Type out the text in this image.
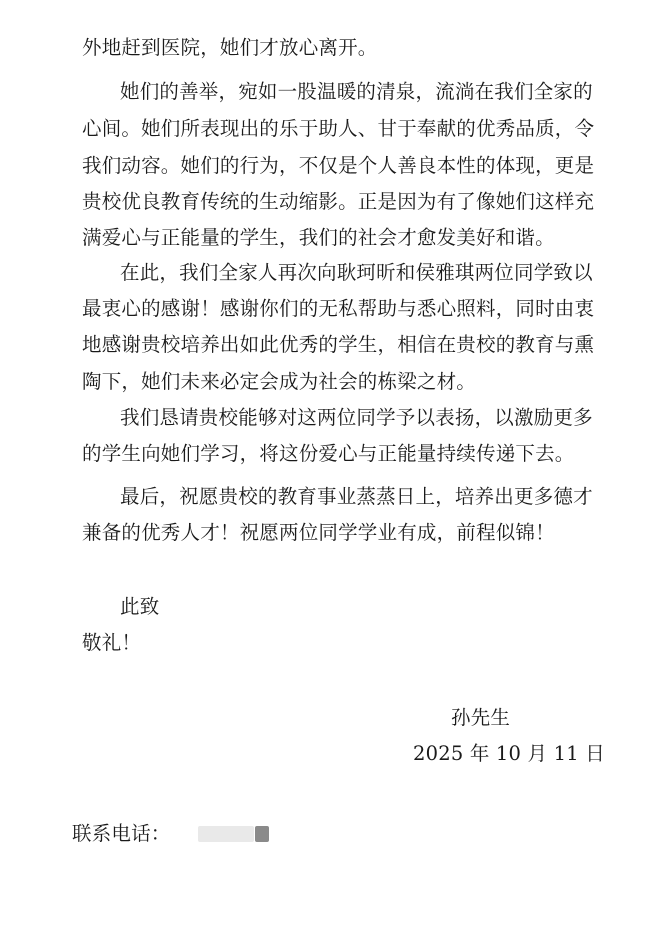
外地赶到医院，她们才放心离开。
她们的善举，宛如一股温暖的清泉，流淌在我们全家的
心间。她们所表现出的乐于助人、甘于奉献的优秀品质，令
我们动容。她们的行为，不仅是个人善良本性的体现，更是
贵校优良教育传统的生动缩影。正是因为有了像她们这样充
满爱心与正能量的学生，我们的社会才愈发美好和谐。
在此，我们全家人再次向耿珂昕和侯雅琪两位同学致以
最衷心的感谢！感谢你们的无私帮助与悉心照料，同时由衷
地感谢贵校培养出如此优秀的学生，相信在贵校的教育与熏
陶下，她们未来必定会成为社会的栋梁之材。
我们恳请贵校能够对这两位同学予以表扬，以激励更多
的学生向她们学习，将这份爱心与正能量持续传递下去。
最后，祝愿贵校的教育事业蒸蒸日上，培养出更多德才
兼备的优秀人才！祝愿两位同学学业有成，前程似锦！
此致
敬礼！
孙先生
2025 年 10 月 11 日
联系电话：
